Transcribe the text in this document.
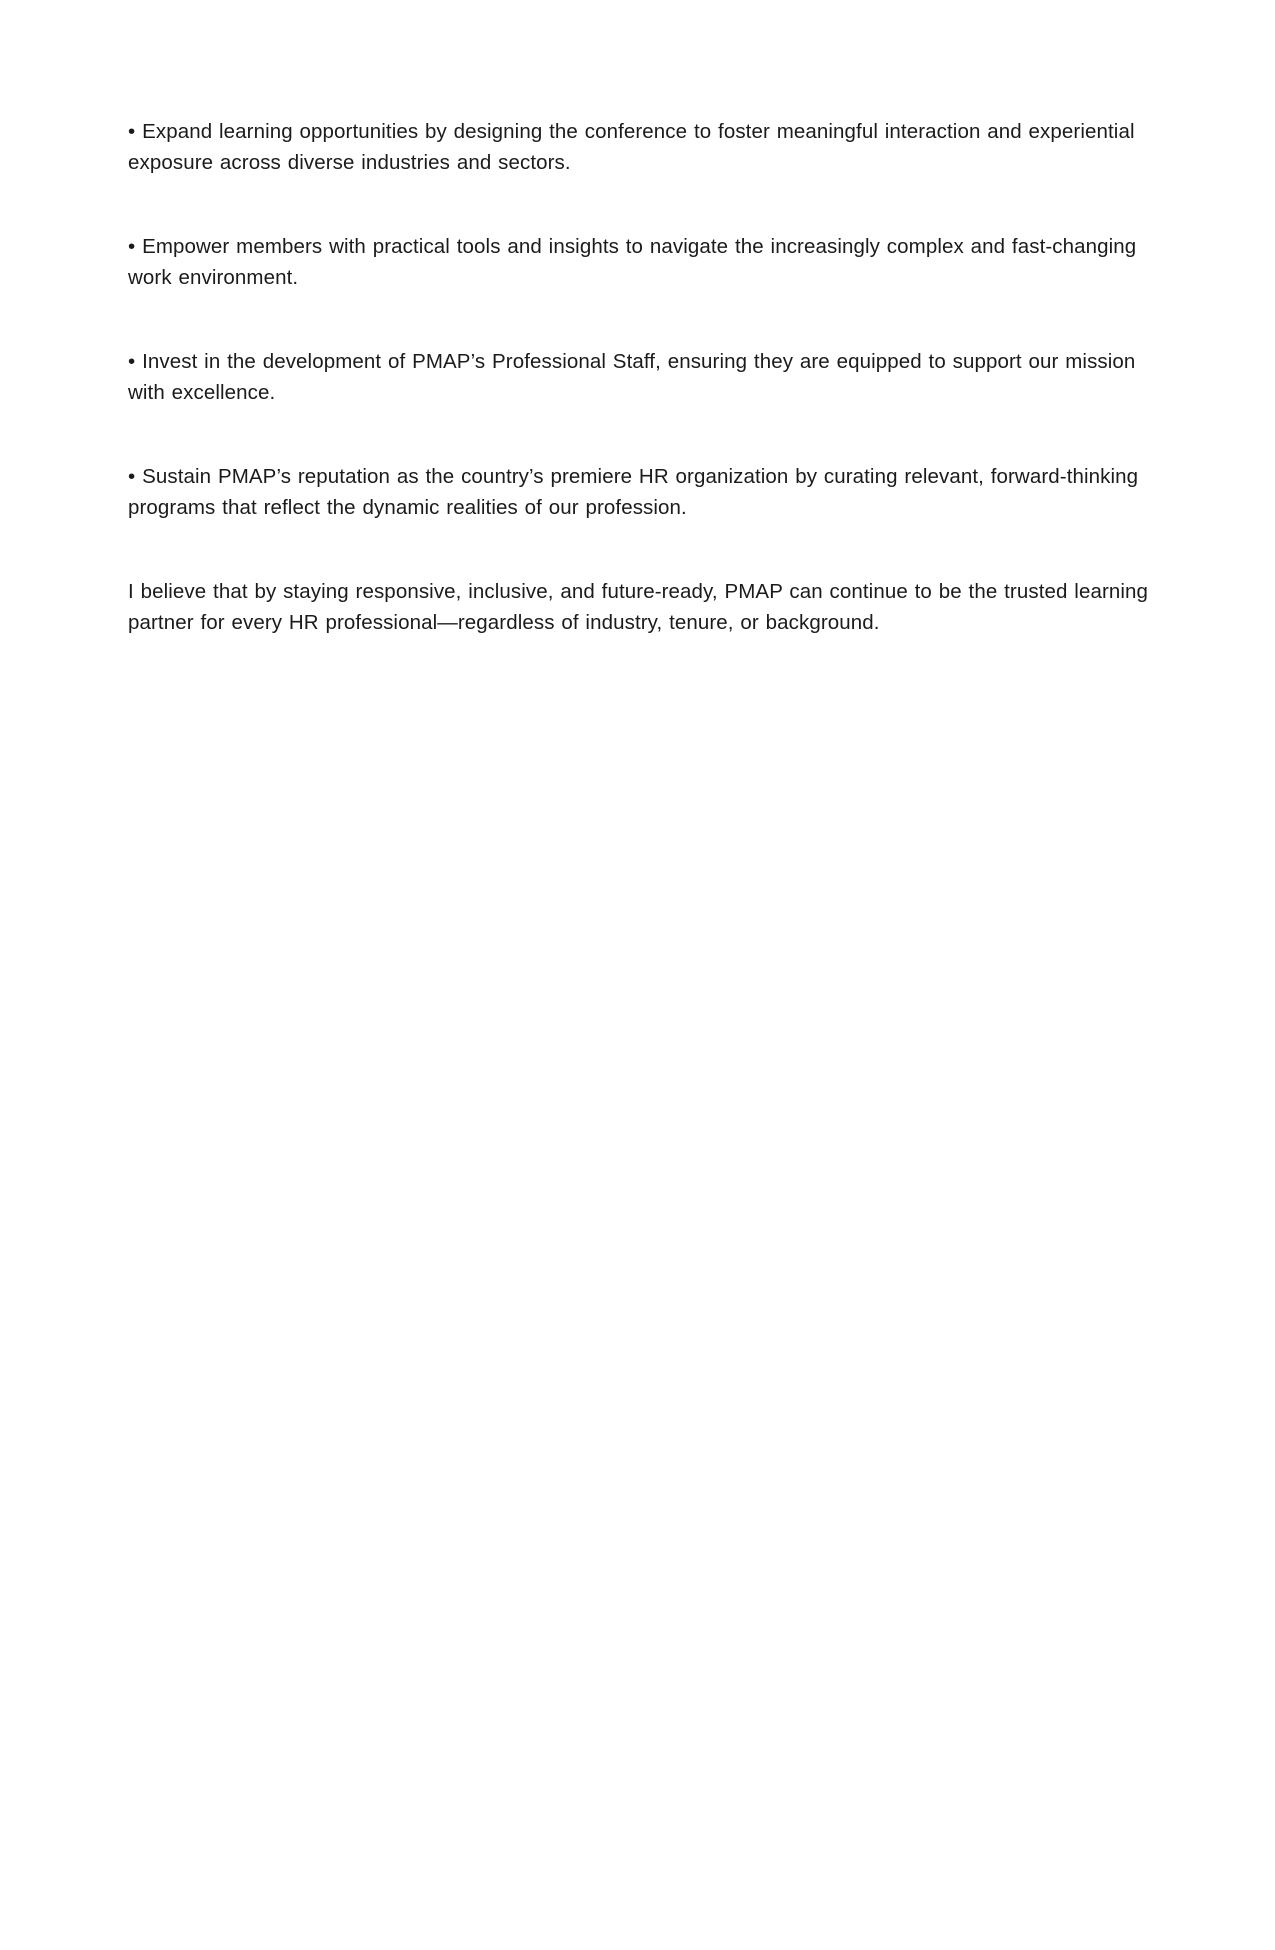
• Expand learning opportunities by designing the conference to foster meaningful interaction and experiential exposure across diverse industries and sectors.

• Empower members with practical tools and insights to navigate the increasingly complex and fast-changing work environment.

• Invest in the development of PMAP’s Professional Staff, ensuring they are equipped to support our mission with excellence.

• Sustain PMAP’s reputation as the country’s premiere HR organization by curating relevant, forward-thinking programs that reflect the dynamic realities of our profession.

I believe that by staying responsive, inclusive, and future-ready, PMAP can continue to be the trusted learning partner for every HR professional—regardless of industry, tenure, or background.
